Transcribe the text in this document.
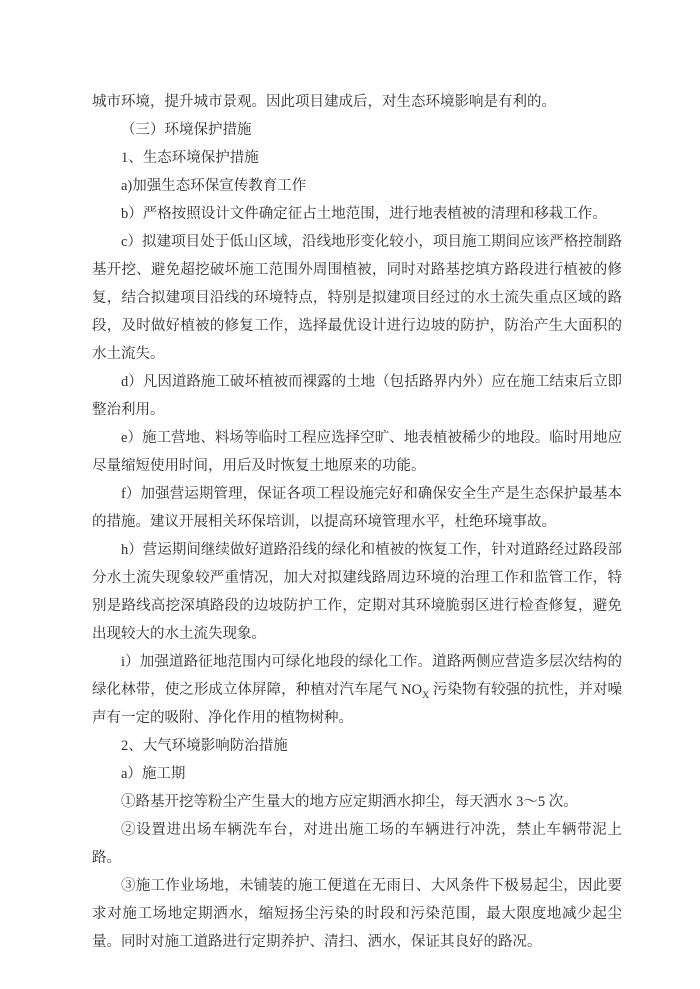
城市环境，提升城市景观。因此项目建成后，对生态环境影响是有利的。

（三）环境保护措施

1、生态环境保护措施

a)加强生态环保宣传教育工作

b）严格按照设计文件确定征占土地范围，进行地表植被的清理和移栽工作。

c）拟建项目处于低山区域，沿线地形变化较小，项目施工期间应该严格控制路基开挖、避免超挖破坏施工范围外周围植被，同时对路基挖填方路段进行植被的修复，结合拟建项目沿线的环境特点，特别是拟建项目经过的水土流失重点区域的路段，及时做好植被的修复工作，选择最优设计进行边坡的防护，防治产生大面积的水土流失。

d）凡因道路施工破坏植被而裸露的土地（包括路界内外）应在施工结束后立即整治利用。

e）施工营地、料场等临时工程应选择空旷、地表植被稀少的地段。临时用地应尽量缩短使用时间，用后及时恢复土地原来的功能。

f）加强营运期管理，保证各项工程设施完好和确保安全生产是生态保护最基本的措施。建议开展相关环保培训，以提高环境管理水平，杜绝环境事故。

h）营运期间继续做好道路沿线的绿化和植被的恢复工作，针对道路经过路段部分水土流失现象较严重情况，加大对拟建线路周边环境的治理工作和监管工作，特别是路线高挖深填路段的边坡防护工作，定期对其环境脆弱区进行检查修复，避免出现较大的水土流失现象。

i）加强道路征地范围内可绿化地段的绿化工作。道路两侧应营造多层次结构的绿化林带，使之形成立体屏障，种植对汽车尾气 $NO_X$ 污染物有较强的抗性，并对噪声有一定的吸附、净化作用的植物树种。

2、大气环境影响防治措施

a）施工期

①路基开挖等粉尘产生量大的地方应定期洒水抑尘，每天洒水 3～5 次。

②设置进出场车辆洗车台，对进出施工场的车辆进行冲洗，禁止车辆带泥上路。

③施工作业场地，未铺装的施工便道在无雨日、大风条件下极易起尘，因此要求对施工场地定期洒水，缩短扬尘污染的时段和污染范围，最大限度地减少起尘量。同时对施工道路进行定期养护、清扫、洒水，保证其良好的路况。
